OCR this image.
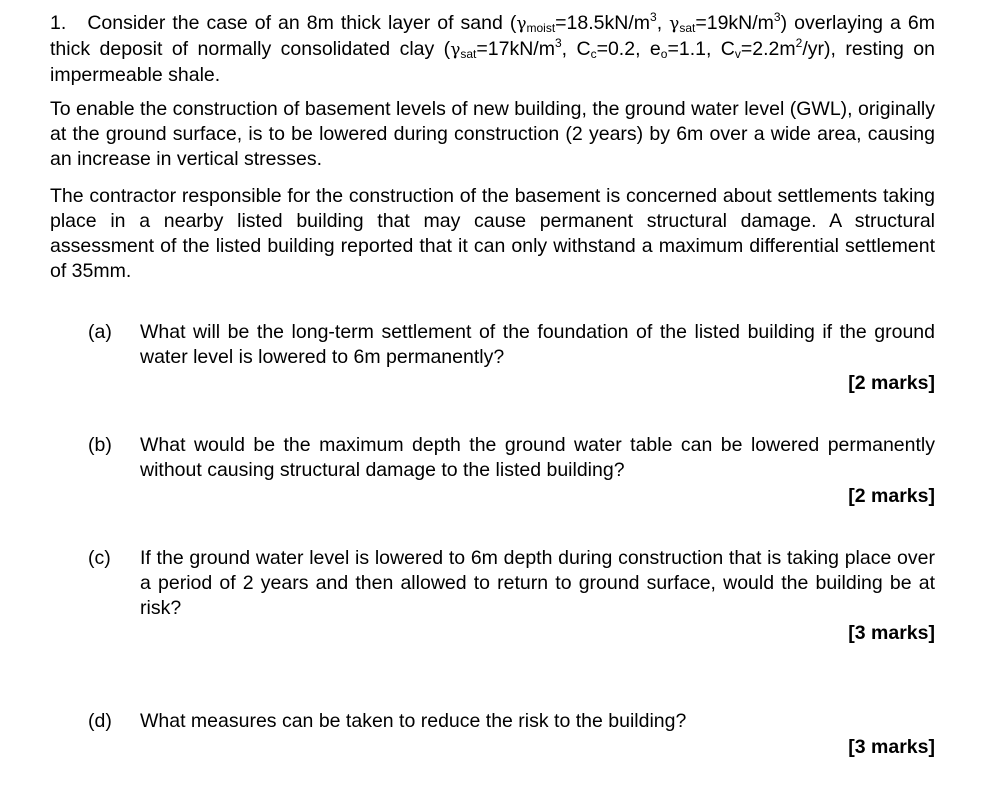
1. Consider the case of an 8m thick layer of sand ($\gamma_{moist}=18.5kN/m^3$, $\gamma_{sat}=19kN/m^3$) overlaying a 6m thick deposit of normally consolidated clay ($\gamma_{sat}=17kN/m^3$, $C_c=0.2$, $e_o=1.1$, $C_v=2.2m^2/yr$), resting on impermeable shale.

To enable the construction of basement levels of new building, the ground water level (GWL), originally at the ground surface, is to be lowered during construction (2 years) by 6m over a wide area, causing an increase in vertical stresses.

The contractor responsible for the construction of the basement is concerned about settlements taking place in a nearby listed building that may cause permanent structural damage. A structural assessment of the listed building reported that it can only withstand a maximum differential settlement of 35mm.

(a) What will be the long-term settlement of the foundation of the listed building if the ground water level is lowered to 6m permanently?

[2 marks]

(b) What would be the maximum depth the ground water table can be lowered permanently without causing structural damage to the listed building?

[2 marks]

(c) If the ground water level is lowered to 6m depth during construction that is taking place over a period of 2 years and then allowed to return to ground surface, would the building be at risk?

[3 marks]

(d) What measures can be taken to reduce the risk to the building?

[3 marks]
